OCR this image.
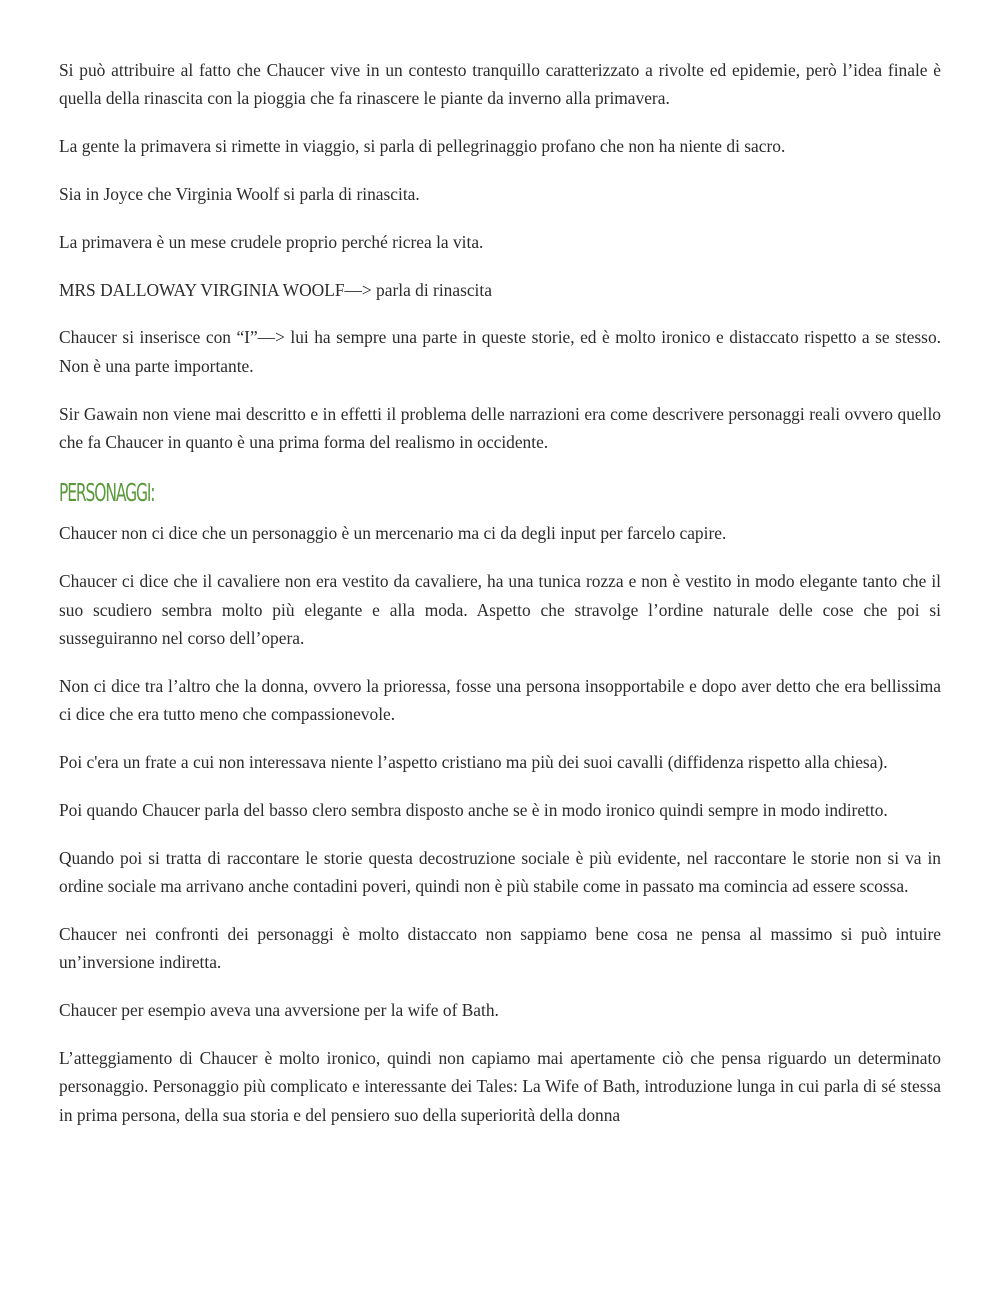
Si può attribuire al fatto che Chaucer vive in un contesto tranquillo caratterizzato a rivolte ed epidemie, però l’idea finale è quella della rinascita con la pioggia che fa rinascere le piante da inverno alla primavera.

La gente la primavera si rimette in viaggio, si parla di pellegrinaggio profano che non ha niente di sacro.

Sia in Joyce che Virginia Woolf si parla di rinascita.

La primavera è un mese crudele proprio perché ricrea la vita.

MRS DALLOWAY VIRGINIA WOOLF—> parla di rinascita

Chaucer si inserisce con “I”—> lui ha sempre una parte in queste storie, ed è molto ironico e distaccato rispetto a se stesso. Non è una parte importante.

Sir Gawain non viene mai descritto e in effetti il problema delle narrazioni era come descrivere personaggi reali ovvero quello che fa Chaucer in quanto è una prima forma del realismo in occidente.

PERSONAGGI:

Chaucer non ci dice che un personaggio è un mercenario ma ci da degli input per farcelo capire.

Chaucer ci dice che il cavaliere non era vestito da cavaliere, ha una tunica rozza e non è vestito in modo elegante tanto che il suo scudiero sembra molto più elegante e alla moda. Aspetto che stravolge l’ordine naturale delle cose che poi si susseguiranno nel corso dell’opera.

Non ci dice tra l’altro che la donna, ovvero la prioressa, fosse una persona insopportabile e dopo aver detto che era bellissima ci dice che era tutto meno che compassionevole.

Poi c'era un frate a cui non interessava niente l’aspetto cristiano ma più dei suoi cavalli (diffidenza rispetto alla chiesa).

Poi quando Chaucer parla del basso clero sembra disposto anche se è in modo ironico quindi sempre in modo indiretto.

Quando poi si tratta di raccontare le storie questa decostruzione sociale è più evidente, nel raccontare le storie non si va in ordine sociale ma arrivano anche contadini poveri, quindi non è più stabile come in passato ma comincia ad essere scossa.

Chaucer nei confronti dei personaggi è molto distaccato non sappiamo bene cosa ne pensa al massimo si può intuire un’inversione indiretta.

Chaucer per esempio aveva una avversione per la wife of Bath.

L’atteggiamento di Chaucer è molto ironico, quindi non capiamo mai apertamente ciò che pensa riguardo un determinato personaggio. Personaggio più complicato e interessante dei Tales: La Wife of Bath, introduzione lunga in cui parla di sé stessa in prima persona, della sua storia e del pensiero suo della superiorità della donna
